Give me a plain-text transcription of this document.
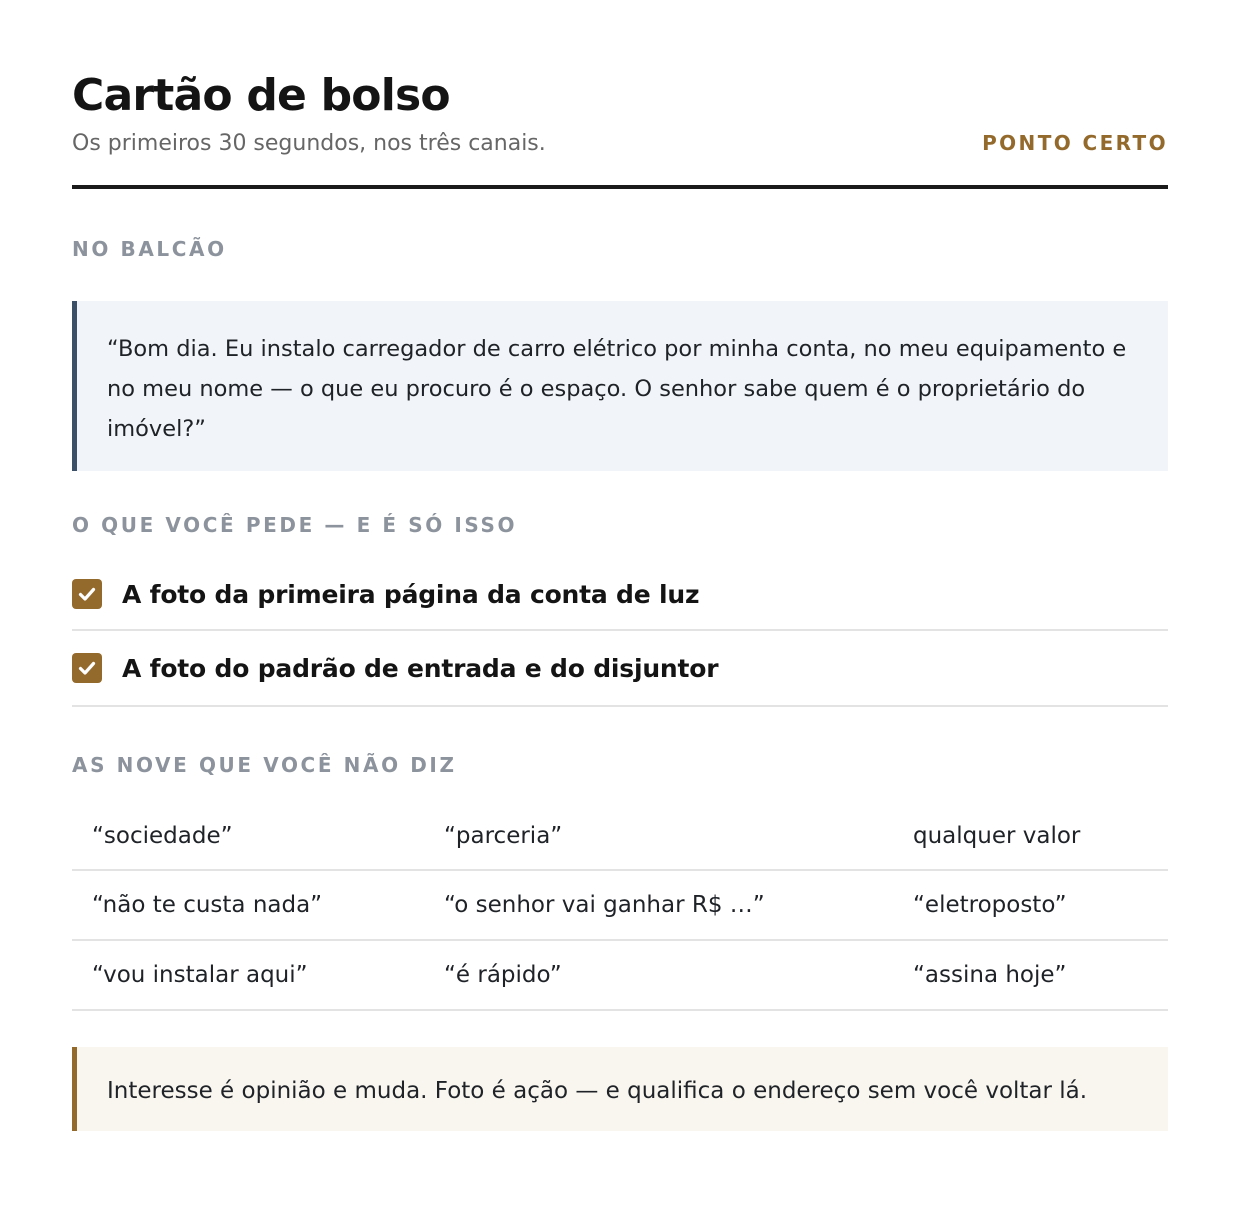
Cartão de bolso
Os primeiros 30 segundos, nos três canais.	PONTO CERTO
NO BALCÃO
“Bom dia. Eu instalo carregador de carro elétrico por minha conta, no meu equipamento e no meu nome — o que eu procuro é o espaço. O senhor sabe quem é o proprietário do imóvel?”
O QUE VOCÊ PEDE — E É SÓ ISSO
A foto da primeira página da conta de luz
A foto do padrão de entrada e do disjuntor
AS NOVE QUE VOCÊ NÃO DIZ
“sociedade”	“parceria”	qualquer valor
“não te custa nada”	“o senhor vai ganhar R$ …”	“eletroposto”
“vou instalar aqui”	“é rápido”	“assina hoje”
Interesse é opinião e muda. Foto é ação — e qualifica o endereço sem você voltar lá.
